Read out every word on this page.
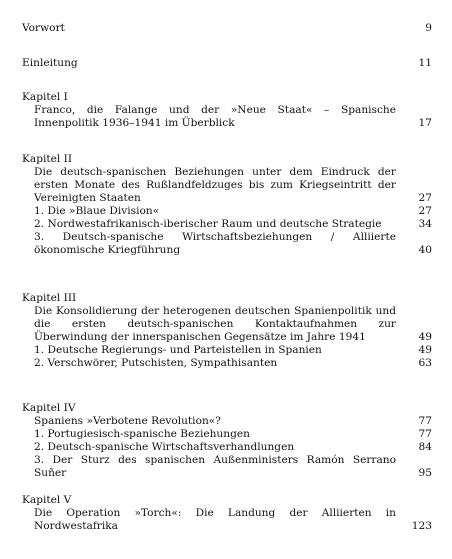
Vorwort	9
Einleitung	11
Kapitel I
Franco, die Falange und der »Neue Staat« – Spanische Innenpolitik 1936–1941 im Überblick	17
Kapitel II
Die deutsch-spanischen Beziehungen unter dem Eindruck der ersten Monate des Rußlandfeldzuges bis zum Kriegseintritt der Vereinigten Staaten	27
1. Die »Blaue Division«	27
2. Nordwestafrikanisch-iberischer Raum und deutsche Strategie	34
3. Deutsch-spanische Wirtschaftsbeziehungen / Alliierte ökonomische Kriegführung	40
Kapitel III
Die Konsolidierung der heterogenen deutschen Spanienpolitik und die ersten deutsch-spanischen Kontaktaufnahmen zur Überwindung der innerspanischen Gegensätze im Jahre 1941	49
1. Deutsche Regierungs- und Parteistellen in Spanien	49
2. Verschwörer, Putschisten, Sympathisanten	63
Kapitel IV
Spaniens »Verbotene Revolution«?	77
1. Portugiesisch-spanische Beziehungen	77
2. Deutsch-spanische Wirtschaftsverhandlungen	84
3. Der Sturz des spanischen Außenministers Ramón Serrano Suñer	95
Kapitel V
Die Operation »Torch«: Die Landung der Alliierten in Nordwestafrika	123
